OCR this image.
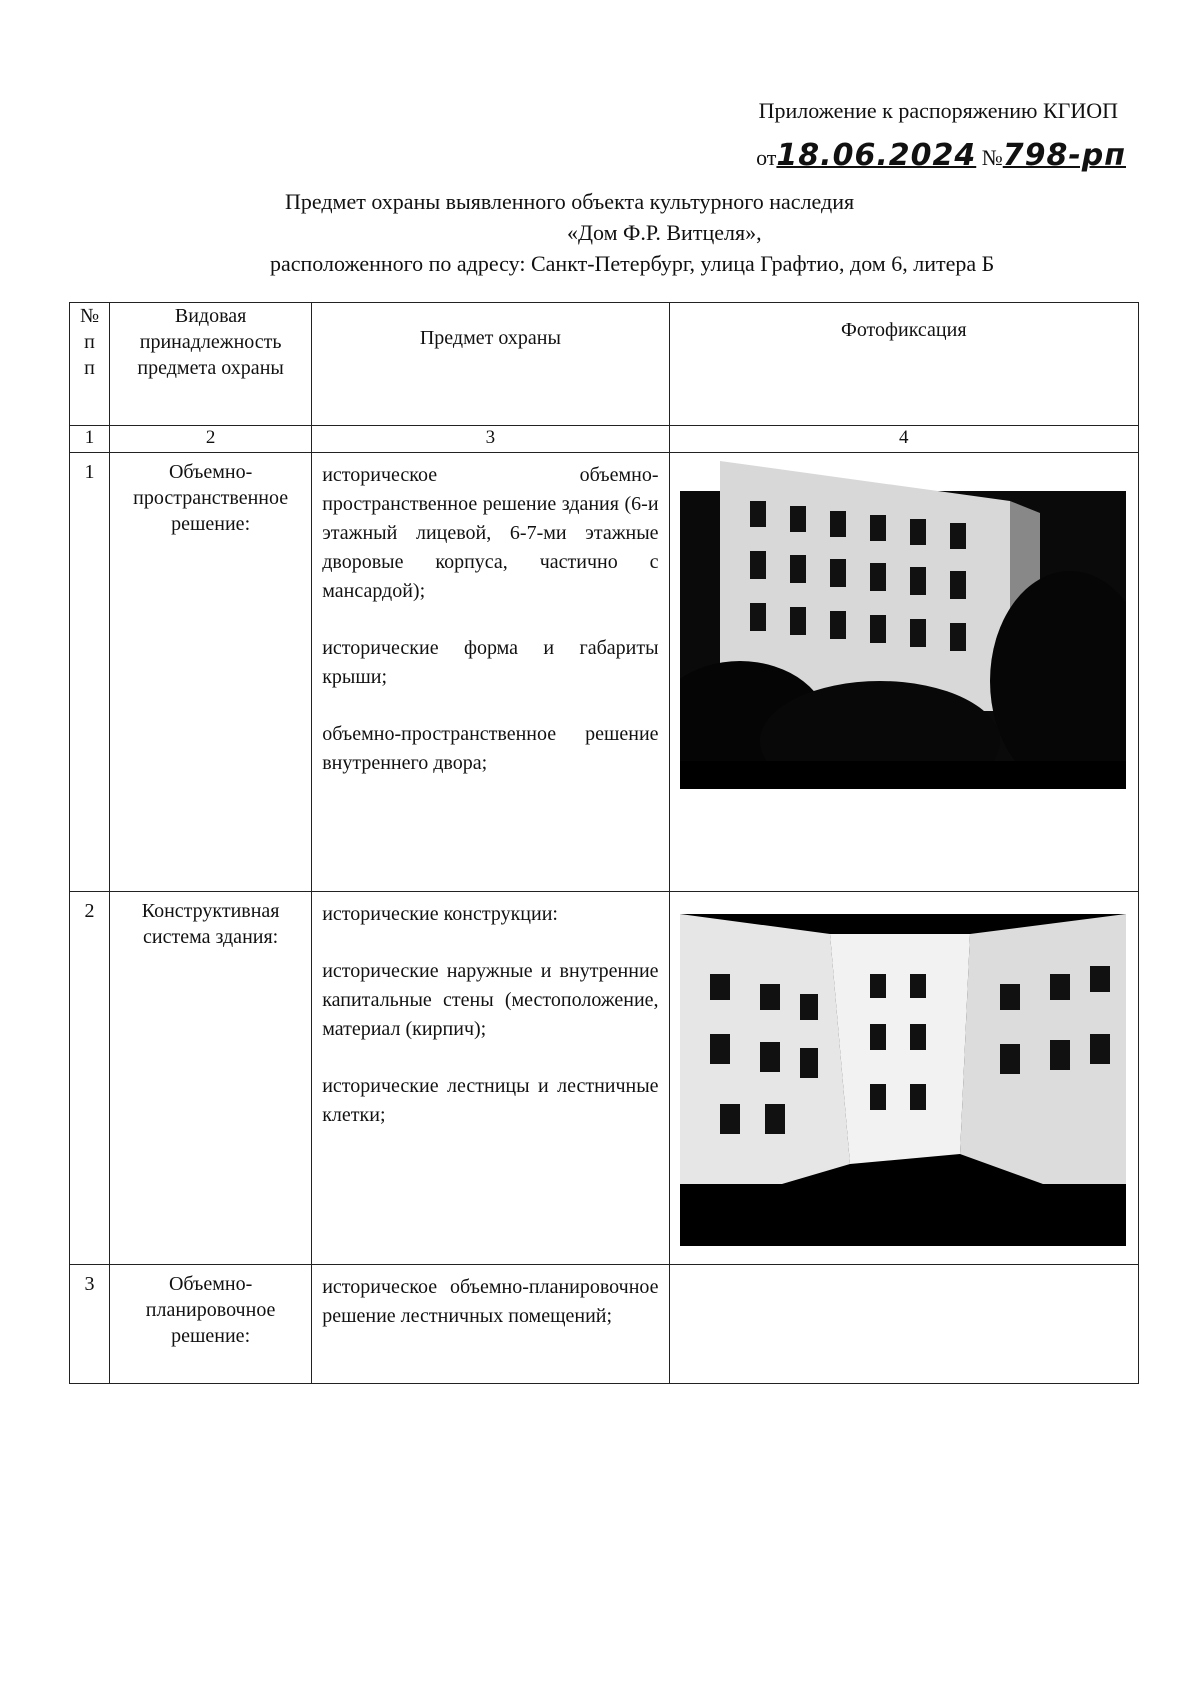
Приложение к распоряжению КГИОП
от18.06.2024 №798-рп
Предмет охраны выявленного объекта культурного наследия
«Дом Ф.Р. Витцеля»,
расположенного по адресу: Санкт-Петербург, улица Графтио, дом 6, литера Б
№
п
п	Видовая принадлежность предмета охраны	Предмет охраны	Фотофиксация
1	2	3	4
1	Объемно-пространственное решение:	историческое объемно-пространственное решение здания (6-и этажный лицевой, 6-7-ми этажные дворовые корпуса, частично с мансардой);

исторические форма и габариты крыши;

объемно-пространственное решение внутреннего двора;

2	Конструктивная система здания:	исторические конструкции:

исторические наружные и внутренние капитальные стены (местоположение, материал (кирпич);

исторические лестницы и лестничные клетки;

3	Объемно-планировочное решение:	историческое объемно-планировочное решение лестничных помещений;	
